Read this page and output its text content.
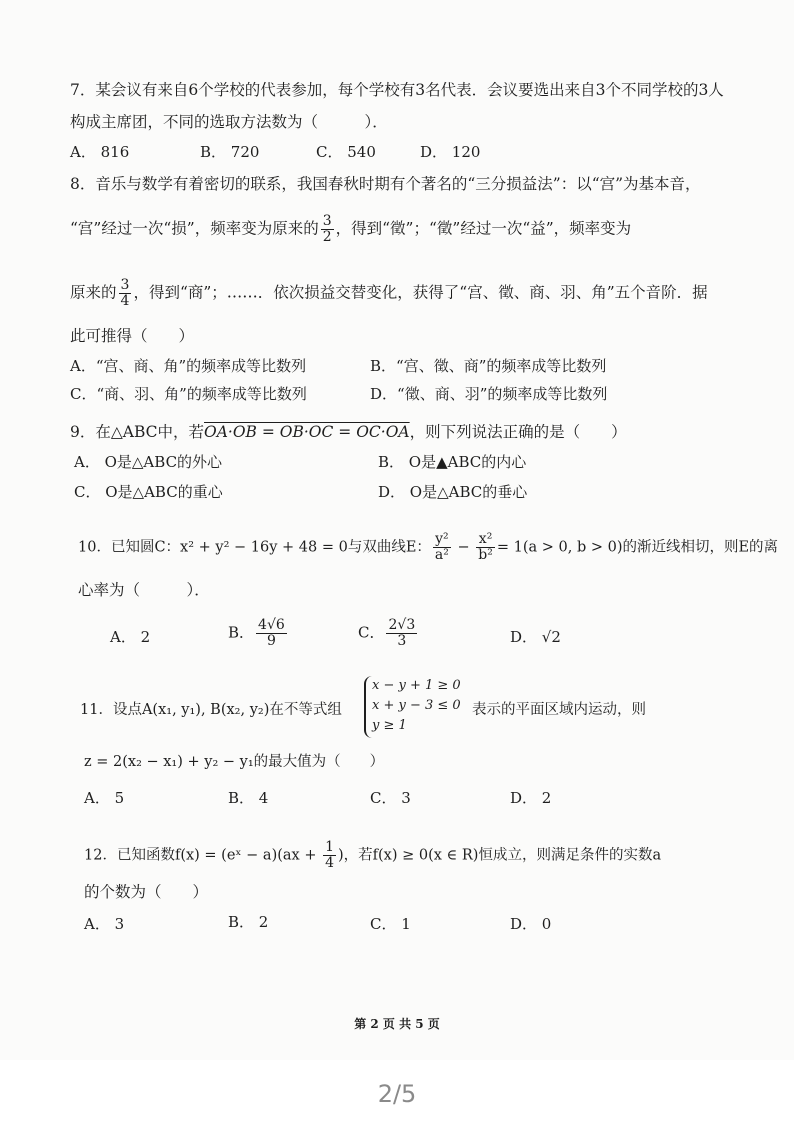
7．某会议有来自6个学校的代表参加，每个学校有3名代表．会议要选出来自3个不同学校的3人
构成主席团，不同的选取方法数为（　　　）．
A． 816	B． 720	C． 540	D． 120
8．音乐与数学有着密切的联系，我国春秋时期有个著名的“三分损益法”：以“宫”为基本音，
“宫”经过一次“损”，频率变为原来的 $\frac{3}{2}$ ，得到“徵”；“徵”经过一次“益”，频率变为
原来的 $\frac{3}{4}$ ，得到“商”；……．依次损益交替变化，获得了“宫、徵、商、羽、角”五个音阶．据
此可推得（　　）
A．“宫、商、角”的频率成等比数列	B．“宫、徵、商”的频率成等比数列
C．“商、羽、角”的频率成等比数列	D．“徵、商、羽”的频率成等比数列
9．在△ABC中，若OA·OB = OB·OC = OC·OA，则下列说法正确的是（　　）
A． O是△ABC的外心	B． O是▲ABC的内心
C． O是△ABC的重心	D． O是△ABC的垂心
10．已知圆C：x² + y² − 16y + 48 = 0与双曲线E： $\frac{\text{y²}}{\text{a²}} - \frac{\text{x²}}{\text{b²}} = 1(a > 0$, b > 0)的渐近线相切，则E的离
心率为（　　　）．
A． 2	B． $\frac{4√6}{9}$	C． $\frac{2√3}{3}$	D． √2
11．设点A(x₁, y₁), B(x₂, y₂)在不等式组
x − y + 1 ≥ 0
x + y − 3 ≤ 0
y ≥ 1
表示的平面区域内运动，则
z = 2(x₂ − x₁) + y₂ − y₁的最大值为（　　）
A． 5	B． 4	C． 3	D． 2
12．已知函数f(x) = (eˣ − $a)(ax + \frac{1}{4}$ )，若f(x) ≥ 0(x ∈ R)恒成立，则满足条件的实数a
的个数为（　　）
A． 3	B． 2	C． 1	D． 0
第 2 页 共 5 页
2/5
